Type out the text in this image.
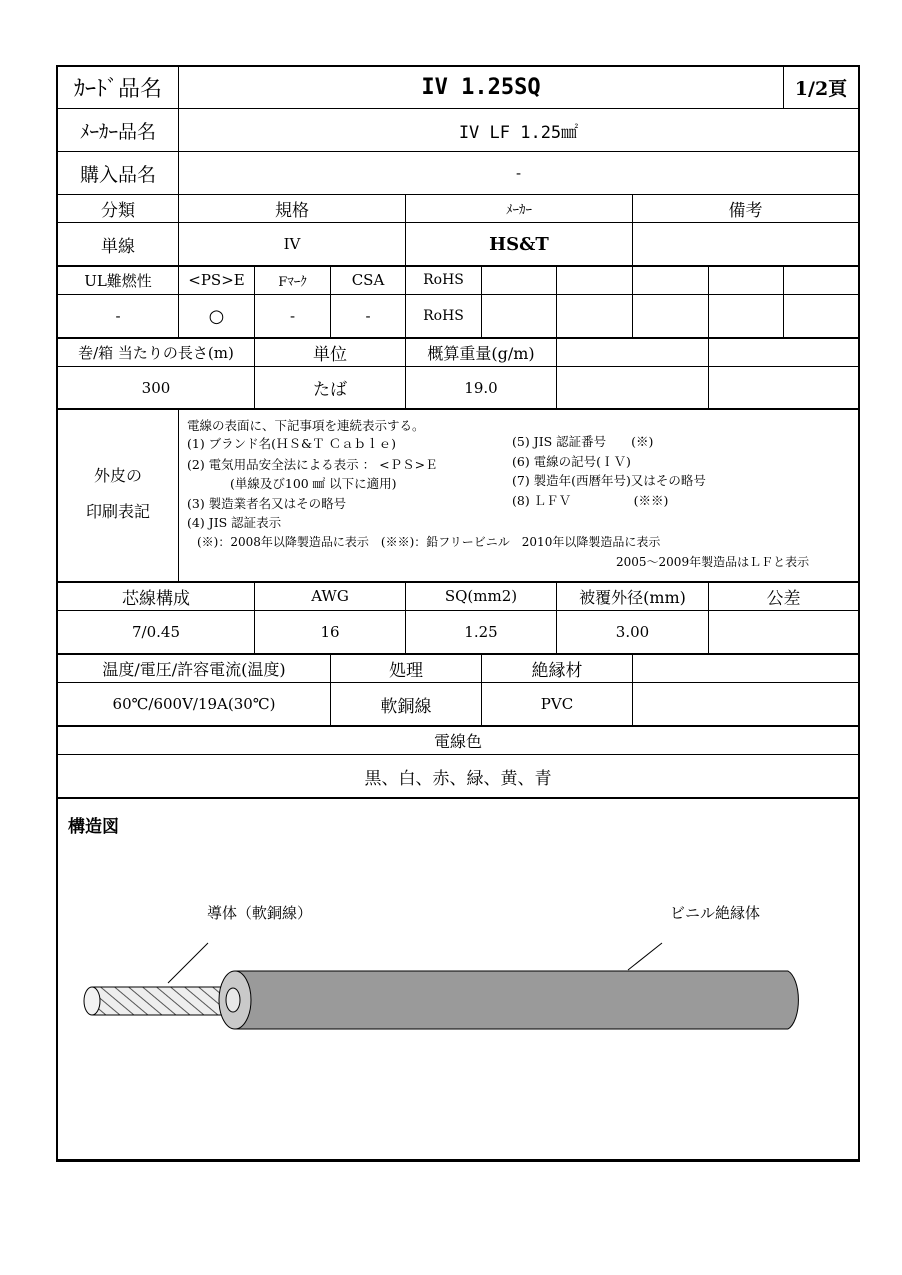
ｶｰﾄﾞ品名	IV 1.25SQ	1/2頁
ﾒｰｶｰ品名	IV LF 1.25㎟
購入品名	-
分類	規格	ﾒｰｶｰ	備考
単線	IV	HS&T
UL難燃性	<PS>E	Fﾏｰｸ	CSA	RoHS
-	○	-	-	RoHS
巻/箱 当たりの長さ(m)	単位	概算重量(g/m)
300	たば	19.0
外皮の
印刷表記
電線の表面に、下記事項を連続表示する。
(1) ブランド名(ＨＳ&Ｔ Ｃａｂｌｅ)
(2) 電気用品安全法による表示 ： <ＰＳ>Ｅ
(単線及び100 ㎟ 以下に適用)
(3) 製造業者名又はその略号
(4) JIS 認証表示
(5) JIS 認証番号　　(※)
(6) 電線の記号(ＩＶ)
(7) 製造年(西暦年号)又はその略号
(8) ＬＦＶ　　　　　(※※)
(※)：2008年以降製造品に表示　(※※)：鉛フリービニル　2010年以降製造品に表示
2005～2009年製造品はＬＦと表示
芯線構成	AWG	SQ(mm2)	被覆外径(mm)	公差
7/0.45	16	1.25	3.00
温度/電圧/許容電流(温度)	処理	絶縁材
60℃/600V/19A(30℃)	軟銅線	PVC
電線色
黒、白、赤、緑、黄、青
構造図
導体（軟銅線）	ビニル絶縁体
